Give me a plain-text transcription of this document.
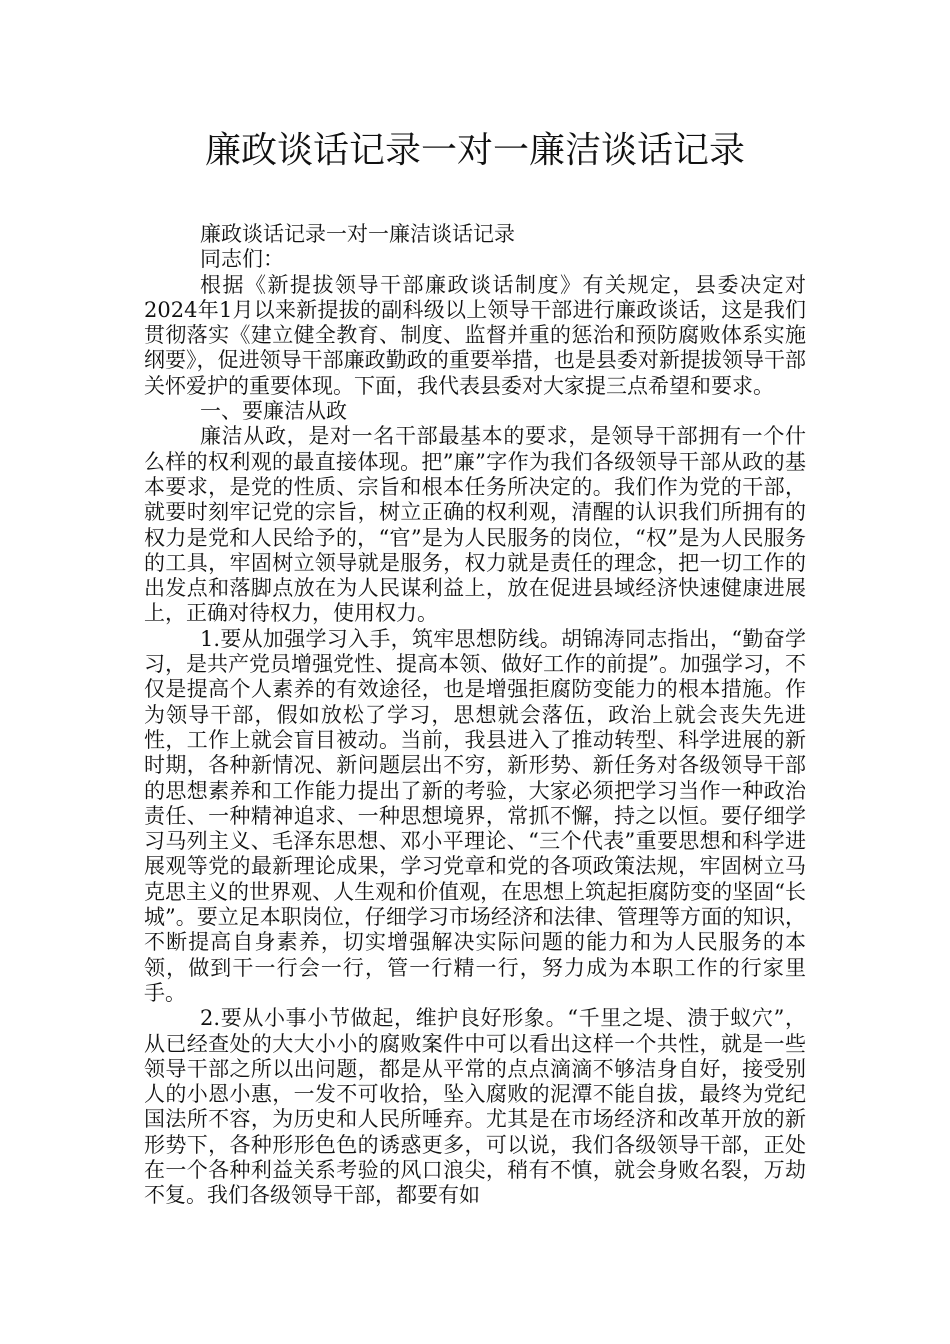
廉政谈话记录一对一廉洁谈话记录

廉政谈话记录一对一廉洁谈话记录

同志们：

根据《新提拔领导干部廉政谈话制度》有关规定，县委决定对2024年1月以来新提拔的副科级以上领导干部进行廉政谈话，这是我们贯彻落实《建立健全教育、制度、监督并重的惩治和预防腐败体系实施纲要》，促进领导干部廉政勤政的重要举措，也是县委对新提拔领导干部关怀爱护的重要体现。下面，我代表县委对大家提三点希望和要求。

一、要廉洁从政

廉洁从政，是对一名干部最基本的要求，是领导干部拥有一个什么样的权利观的最直接体现。把”廉”字作为我们各级领导干部从政的基本要求，是党的性质、宗旨和根本任务所决定的。我们作为党的干部，就要时刻牢记党的宗旨，树立正确的权利观，清醒的认识我们所拥有的权力是党和人民给予的，“官”是为人民服务的岗位，“权”是为人民服务的工具，牢固树立领导就是服务，权力就是责任的理念，把一切工作的出发点和落脚点放在为人民谋利益上，放在促进县域经济快速健康进展上，正确对待权力，使用权力。

1.要从加强学习入手，筑牢思想防线。胡锦涛同志指出，“勤奋学习，是共产党员增强党性、提高本领、做好工作的前提”。加强学习，不仅是提高个人素养的有效途径，也是增强拒腐防变能力的根本措施。作为领导干部，假如放松了学习，思想就会落伍，政治上就会丧失先进性，工作上就会盲目被动。当前，我县进入了推动转型、科学进展的新时期，各种新情况、新问题层出不穷，新形势、新任务对各级领导干部的思想素养和工作能力提出了新的考验，大家必须把学习当作一种政治责任、一种精神追求、一种思想境界，常抓不懈，持之以恒。要仔细学习马列主义、毛泽东思想、邓小平理论、“三个代表”重要思想和科学进展观等党的最新理论成果，学习党章和党的各项政策法规，牢固树立马克思主义的世界观、人生观和价值观，在思想上筑起拒腐防变的坚固“长城”。要立足本职岗位，仔细学习市场经济和法律、管理等方面的知识，不断提高自身素养，切实增强解决实际问题的能力和为人民服务的本领，做到干一行会一行，管一行精一行，努力成为本职工作的行家里手。

2.要从小事小节做起，维护良好形象。“千里之堤、溃于蚁穴”，从已经查处的大大小小的腐败案件中可以看出这样一个共性，就是一些领导干部之所以出问题，都是从平常的点点滴滴不够洁身自好，接受别人的小恩小惠，一发不可收拾，坠入腐败的泥潭不能自拔，最终为党纪国法所不容，为历史和人民所唾弃。尤其是在市场经济和改革开放的新形势下，各种形形色色的诱惑更多，可以说，我们各级领导干部，正处在一个各种利益关系考验的风口浪尖，稍有不慎，就会身败名裂，万劫不复。我们各级领导干部，都要有如
